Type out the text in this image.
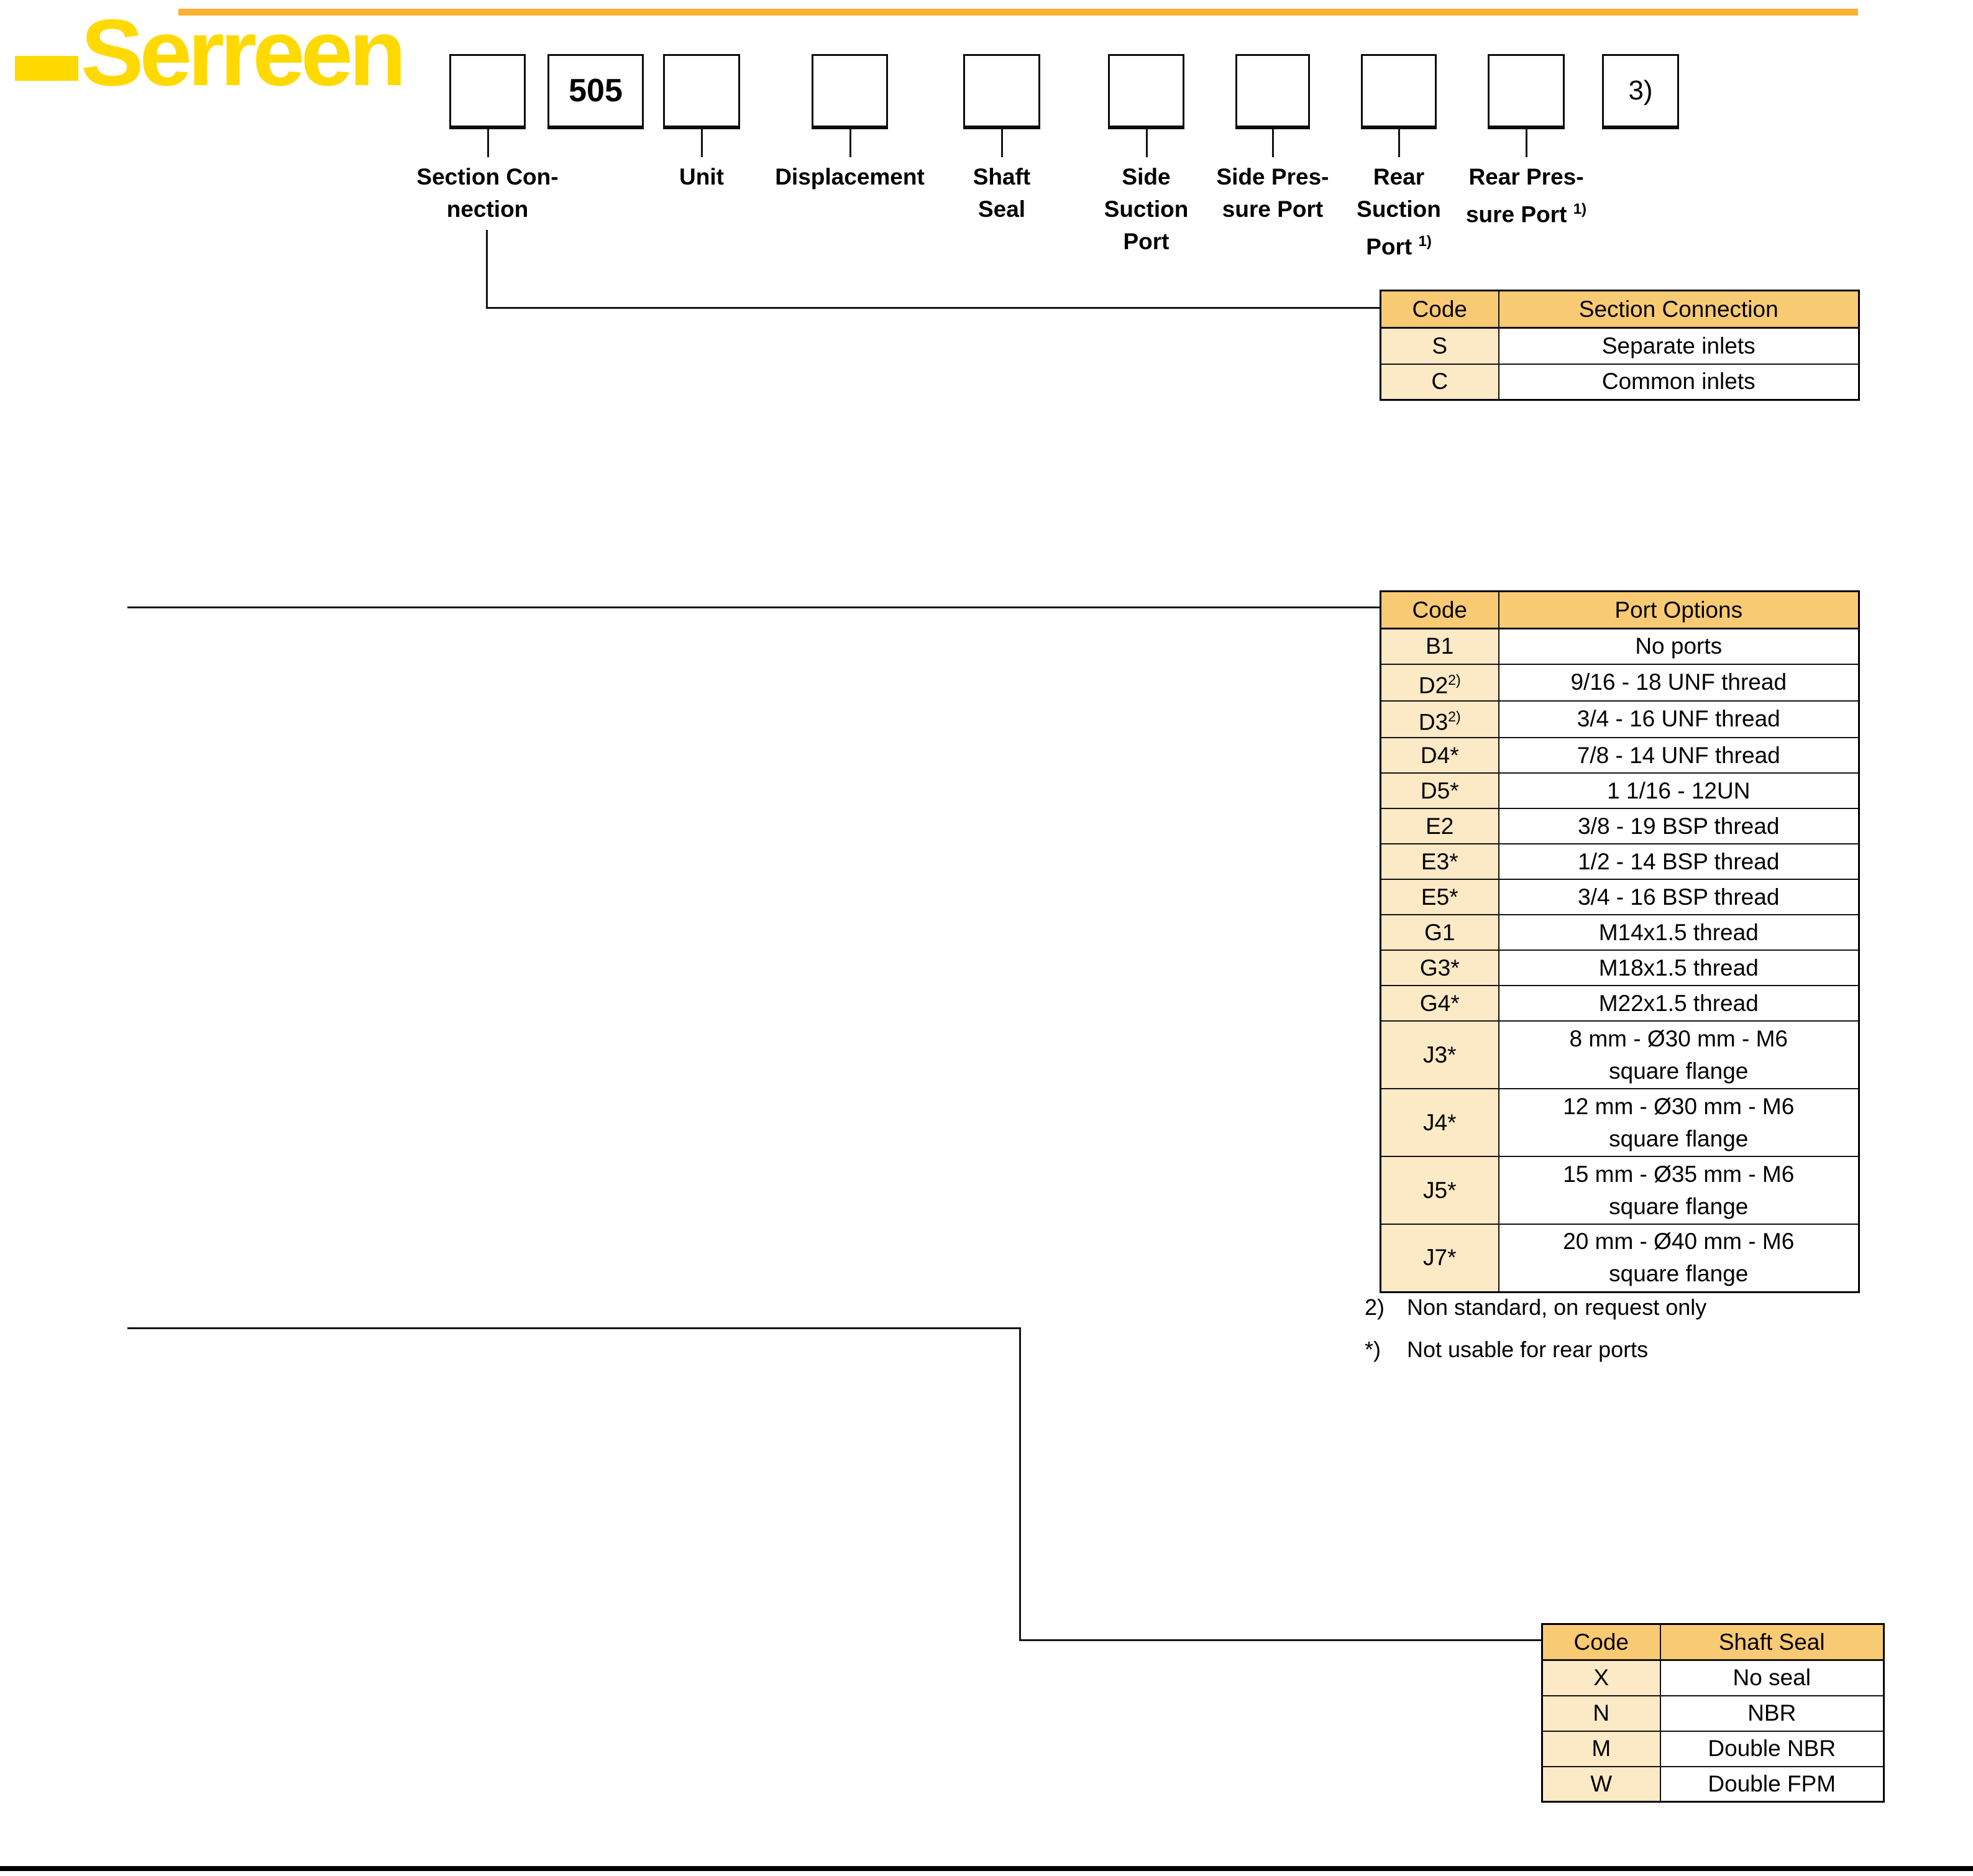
Serreen
Section Con-
nection
505
Unit	Displacement	Shaft
Seal
Side
Suction
Port
Side Pres-
sure Port
Rear
Suction
Port $^{1)}$
Rear Pres-
sure Port $^{1)}$
3)
Code	Section Connection
S	Separate inlets
C	Common inlets
Code	Port Options
B1	No ports
D2$^{2)}$	9/16 - 18 UNF thread
D3$^{2)}$	3/4 - 16 UNF thread
D4*	7/8 - 14 UNF thread
D5*	1 1/16 - 12UN
E2	3/8 - 19 BSP thread
E3*	1/2 - 14 BSP thread
E5*	3/4 - 16 BSP thread
G1	M14x1.5 thread
G3*	M18x1.5 thread
G4*	M22x1.5 thread
J3*	8 mm - Ø30 mm - M6
square flange

J4*	12 mm - Ø30 mm - M6
square flange

J5*	15 mm - Ø35 mm - M6
square flange

J7*	20 mm - Ø40 mm - M6
square flange
Code	Shaft Seal
X	No seal
N	NBR
M	Double NBR
W	Double FPM
2) Non standard, on request only
*)	Not usable for rear ports
